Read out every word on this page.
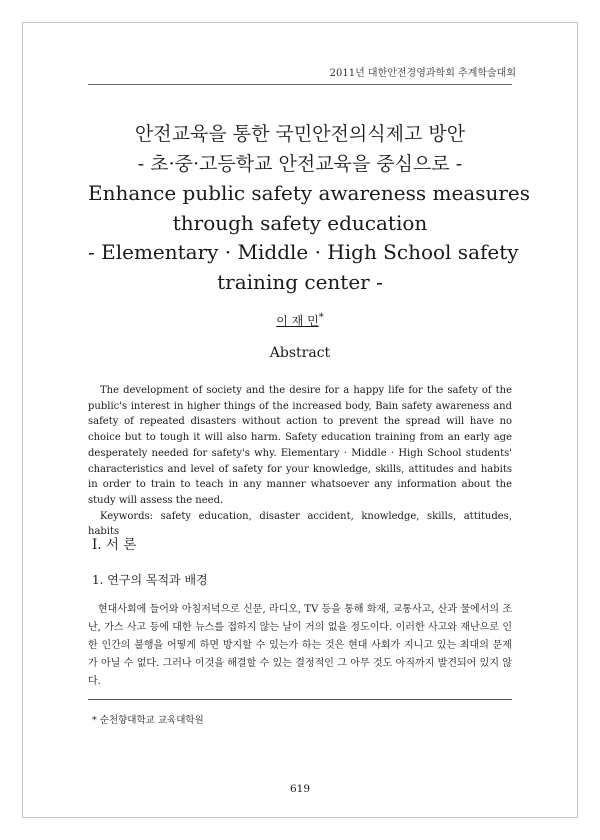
2011년 대한안전경영과학회 추계학술대회
안전교육을 통한 국민안전의식제고 방안
- 초·중·고등학교 안전교육을 중심으로 -
Enhance public safety awareness measures
through safety education
- Elementary · Middle · High School safety
training center -
이 재 민*
Abstract

The development of society and the desire for a happy life for the safety of the public's interest in higher things of the increased body, Bain safety awareness and safety of repeated disasters without action to prevent the spread will have no choice but to tough it will also harm. Safety education training from an early age desperately needed for safety's why. Elementary · Middle · High School students' characteristics and level of safety for your knowledge, skills, attitudes and habits in order to train to teach in any manner whatsoever any information about the study will assess the need.

Keywords: safety education, disaster accident, knowledge, skills, attitudes, habits

Ⅰ. 서 론
1. 연구의 목적과 배경

현대사회에 들어와 아침저녁으로 신문, 라디오, TV 등을 통해 화재, 교통사고, 산과 물에서의 조난, 가스 사고 등에 대한 뉴스를 접하지 않는 날이 거의 없을 정도이다. 이러한 사고와 재난으로 인한 인간의 불행을 어떻게 하면 방지할 수 있는가 하는 것은 현대 사회가 지니고 있는 최대의 문제가 아닐 수 없다. 그러나 이것을 해결할 수 있는 결정적인 그 아무 것도 아직까지 발견되어 있지 않다.

* 순천향대학교 교육대학원
619
